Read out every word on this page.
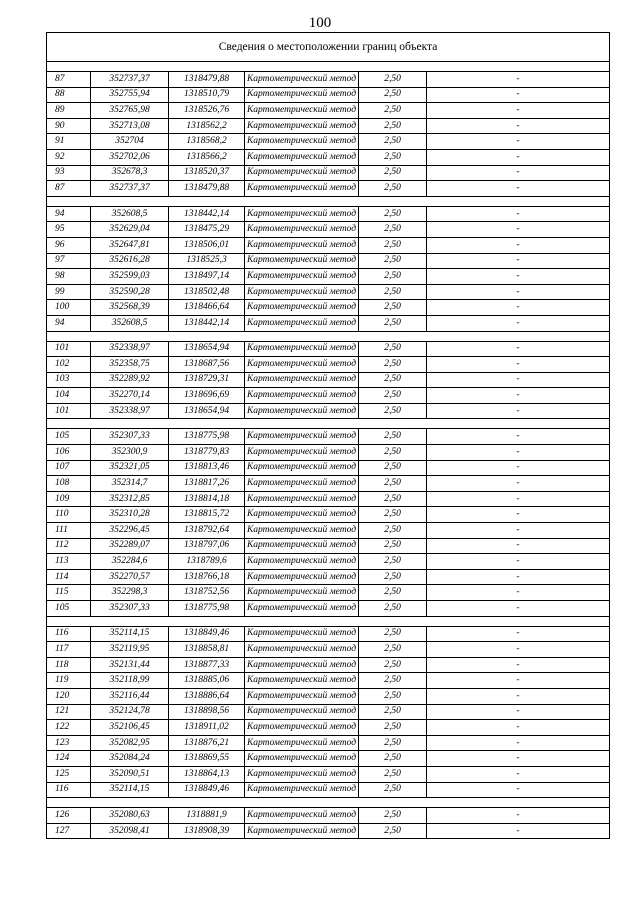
100
Сведения о местоположении границ объекта					

87	352737,37	1318479,88	Картометрический метод	2,50	-
88	352755,94	1318510,79	Картометрический метод	2,50	-
89	352765,98	1318526,76	Картометрический метод	2,50	-
90	352713,08	1318562,2	Картометрический метод	2,50	-
91	352704	1318568,2	Картометрический метод	2,50	-
92	352702,06	1318566,2	Картометрический метод	2,50	-
93	352678,3	1318520,37	Картометрический метод	2,50	-
87	352737,37	1318479,88	Картометрический метод	2,50	-

94	352608,5	1318442,14	Картометрический метод	2,50	-
95	352629,04	1318475,29	Картометрический метод	2,50	-
96	352647,81	1318506,01	Картометрический метод	2,50	-
97	352616,28	1318525,3	Картометрический метод	2,50	-
98	352599,03	1318497,14	Картометрический метод	2,50	-
99	352590,28	1318502,48	Картометрический метод	2,50	-
100	352568,39	1318466,64	Картометрический метод	2,50	-
94	352608,5	1318442,14	Картометрический метод	2,50	-

101	352338,97	1318654,94	Картометрический метод	2,50	-
102	352358,75	1318687,56	Картометрический метод	2,50	-
103	352289,92	1318729,31	Картометрический метод	2,50	-
104	352270,14	1318696,69	Картометрический метод	2,50	-
101	352338,97	1318654,94	Картометрический метод	2,50	-

105	352307,33	1318775,98	Картометрический метод	2,50	-
106	352300,9	1318779,83	Картометрический метод	2,50	-
107	352321,05	1318813,46	Картометрический метод	2,50	-
108	352314,7	1318817,26	Картометрический метод	2,50	-
109	352312,85	1318814,18	Картометрический метод	2,50	-
110	352310,28	1318815,72	Картометрический метод	2,50	-
111	352296,45	1318792,64	Картометрический метод	2,50	-
112	352289,07	1318797,06	Картометрический метод	2,50	-
113	352284,6	1318789,6	Картометрический метод	2,50	-
114	352270,57	1318766,18	Картометрический метод	2,50	-
115	352298,3	1318752,56	Картометрический метод	2,50	-
105	352307,33	1318775,98	Картометрический метод	2,50	-

116	352114,15	1318849,46	Картометрический метод	2,50	-
117	352119,95	1318858,81	Картометрический метод	2,50	-
118	352131,44	1318877,33	Картометрический метод	2,50	-
119	352118,99	1318885,06	Картометрический метод	2,50	-
120	352116,44	1318886,64	Картометрический метод	2,50	-
121	352124,78	1318898,56	Картометрический метод	2,50	-
122	352106,45	1318911,02	Картометрический метод	2,50	-
123	352082,95	1318876,21	Картометрический метод	2,50	-
124	352084,24	1318869,55	Картометрический метод	2,50	-
125	352090,51	1318864,13	Картометрический метод	2,50	-
116	352114,15	1318849,46	Картометрический метод	2,50	-

126	352080,63	1318881,9	Картометрический метод	2,50	-
127	352098,41	1318908,39	Картометрический метод	2,50	-
